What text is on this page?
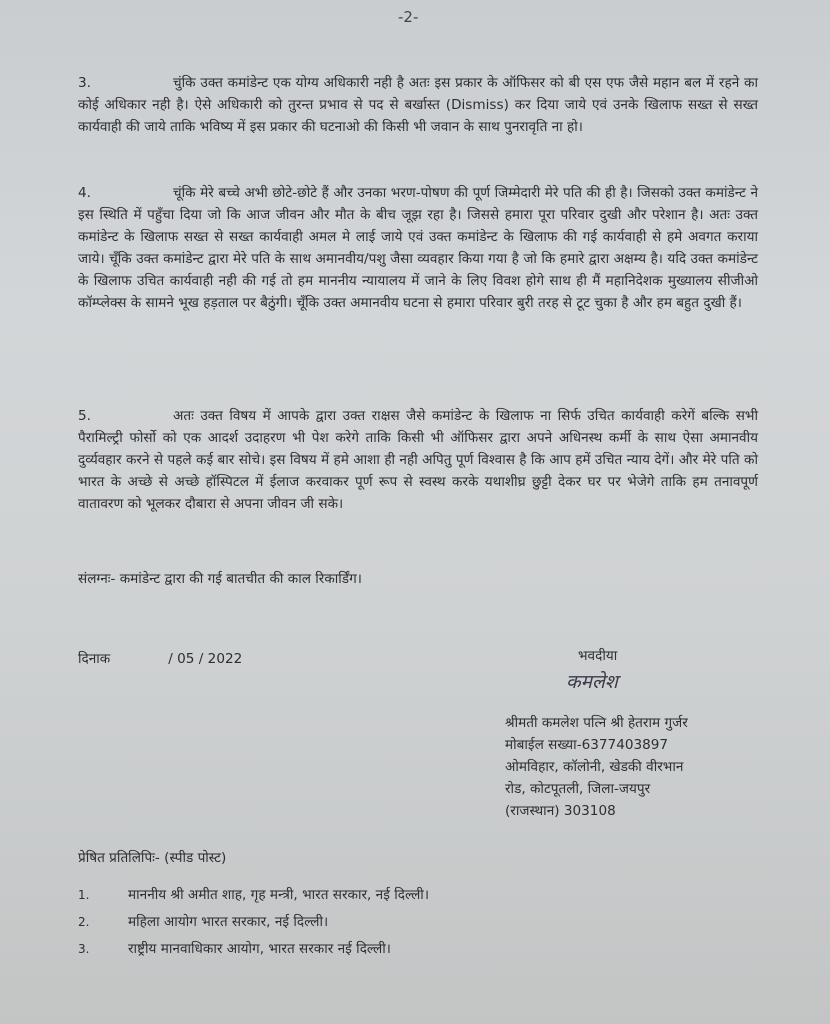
-2-
3.	चुंकि उक्त कमांडेन्ट एक योग्य अधिकारी नही है अतः इस प्रकार के ऑफिसर को बी एस एफ जैसे महान बल में रहने का कोई अधिकार नही है। ऐसे अधिकारी को तुरन्त प्रभाव से पद से बर्खास्त (Dismiss) कर दिया जाये एवं उनके खिलाफ सख्त से सख्त कार्यवाही की जाये ताकि भविष्य में इस प्रकार की घटनाओ की किसी भी जवान के साथ पुनरावृति ना हो।
4.	चूंकि मेरे बच्चे अभी छोटे-छोटे हैं और उनका भरण-पोषण की पूर्ण जिम्मेदारी मेरे पति की ही है। जिसको उक्त कमांडेन्ट ने इस स्थिति में पहुँचा दिया जो कि आज जीवन और मौत के बीच जूझ रहा है। जिससे हमारा पूरा परिवार दुखी और परेशान है। अतः उक्त कमांडेन्ट के खिलाफ सख्त से सख्त कार्यवाही अमल मे लाई जाये एवं उक्त कमांडेन्ट के खिलाफ की गई कार्यवाही से हमे अवगत कराया जाये। चूँकि उक्त कमांडेन्ट द्वारा मेरे पति के साथ अमानवीय/पशु जैसा व्यवहार किया गया है जो कि हमारे द्वारा अक्षम्य है। यदि उक्त कमांडेन्ट के खिलाफ उचित कार्यवाही नही की गई तो हम माननीय न्यायालय में जाने के लिए विवश होगे साथ ही मैं महानिदेशक मुख्यालय सीजीओ कॉम्प्लेक्स के सामने भूख हड़ताल पर बैठुंगी। चूँकि उक्त अमानवीय घटना से हमारा परिवार बुरी तरह से टूट चुका है और हम बहुत दुखी हैं।
5.	अतः उक्त विषय में आपके द्वारा उक्त राक्षस जैसे कमांडेन्ट के खिलाफ ना सिर्फ उचित कार्यवाही करेगें बल्कि सभी पैरामिल्ट्री फोर्सो को एक आदर्श उदाहरण भी पेश करेगे ताकि किसी भी ऑफिसर द्वारा अपने अधिनस्थ कर्मी के साथ ऐसा अमानवीय दुर्व्यवहार करने से पहले कई बार सोचे। इस विषय में हमे आशा ही नही अपितु पूर्ण विश्वास है कि आप हमें उचित न्याय देगें। और मेरे पति को भारत के अच्छे से अच्छे हॉस्पिटल में ईलाज करवाकर पूर्ण रूप से स्वस्थ करके यथाशीघ्र छुट्टी देकर घर पर भेजेगे ताकि हम तनावपूर्ण वातावरण को भूलकर दौबारा से अपना जीवन जी सके।
संलग्नः- कमांडेन्ट द्वारा की गई बातचीत की काल रिकार्डिंग।
दिनाक	/ 05 / 2022	भवदीया
कमलेश
श्रीमती कमलेश पत्नि श्री हेतराम गुर्जर
मोबाईल सख्या-6377403897
ओमविहार, कॉलोनी, खेडकी वीरभान
रोड, कोटपूतली, जिला-जयपुर
(राजस्थान) 303108
प्रेषित प्रतिलिपिः- (स्पीड पोस्ट)
1.	माननीय श्री अमीत शाह, गृह मन्त्री, भारत सरकार, नई दिल्ली।
2.	महिला आयोग भारत सरकार, नई दिल्ली।
3.	राष्ट्रीय मानवाधिकार आयोग, भारत सरकार नई दिल्ली।
